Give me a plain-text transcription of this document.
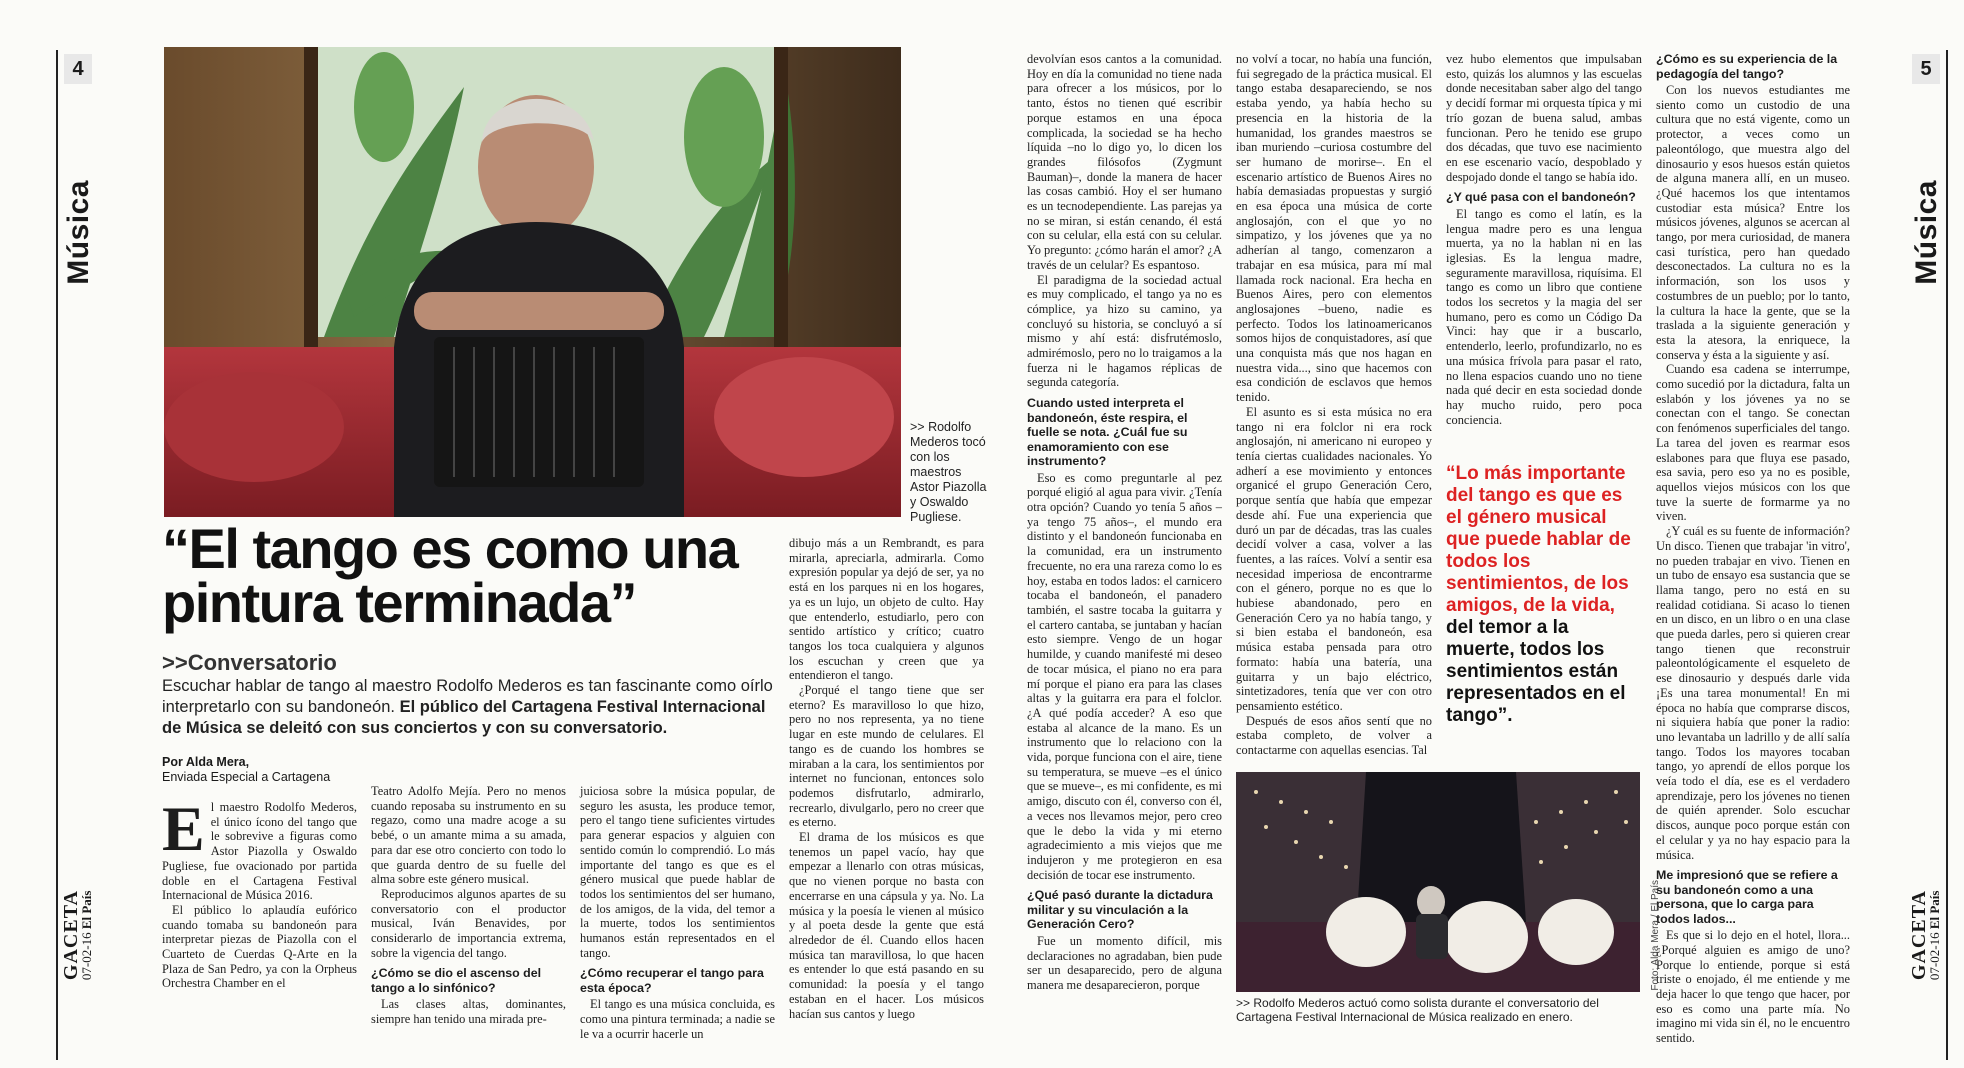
4
Música
GACETA
07-02-16 El País
5
Música
GACETA
07-02-16 El País
>> Rodolfo Mederos tocó con los maestros Astor Piazolla y Oswaldo Pugliese.
“El tango es como una pintura terminada”
>>Conversatorio
Escuchar hablar de tango al maestro Rodolfo Mederos es tan fascinante como oírlo interpretarlo con su bandoneón. El público del Cartagena Festival Internacional de Música se deleitó con sus conciertos y con su conversatorio.
Por Alda Mera,
Enviada Especial a Cartagena

El maestro Rodolfo Mederos, el único ícono del tango que le sobrevive a figuras como Astor Piazolla y Oswaldo Pugliese, fue ovacionado por partida doble en el Cartagena Festival Internacional de Música 2016.

El público lo aplaudía eufórico cuando tomaba su bandoneón para interpretar piezas de Piazolla con el Cuarteto de Cuerdas Q-Arte en la Plaza de San Pedro, ya con la Orpheus Orchestra Chamber en el

Teatro Adolfo Mejía. Pero no menos cuando reposaba su instrumento en su regazo, como una madre acoge a su bebé, o un amante mima a su amada, para dar ese otro concierto con todo lo que guarda dentro de su fuelle del alma sobre este género musical.

Reproducimos algunos apartes de su conversatorio con el productor musical, Iván Benavides, por considerarlo de importancia extrema, sobre la vigencia del tango.

¿Cómo se dio el ascenso del tango a lo sinfónico?

Las clases altas, dominantes, siempre han tenido una mirada pre-

juiciosa sobre la música popular, de seguro les asusta, les produce temor, pero el tango tiene suficientes virtudes para generar espacios y alguien con sentido común lo comprendió. Lo más importante del tango es que es el género musical que puede hablar de todos los sentimientos del ser humano, de los amigos, de la vida, del temor a la muerte, todos los sentimientos humanos están representados en el tango.

¿Cómo recuperar el tango para esta época?

El tango es una música concluida, es como una pintura terminada; a nadie se le va a ocurrir hacerle un

dibujo más a un Rembrandt, es para mirarla, apreciarla, admirarla. Como expresión popular ya dejó de ser, ya no está en los parques ni en los hogares, ya es un lujo, un objeto de culto. Hay que entenderlo, estudiarlo, pero con sentido artístico y crítico; cuatro tangos los toca cualquiera y algunos los escuchan y creen que ya entendieron el tango.

¿Porqué el tango tiene que ser eterno? Es maravilloso lo que hizo, pero no nos representa, ya no tiene lugar en este mundo de celulares. El tango es de cuando los hombres se miraban a la cara, los sentimientos por internet no funcionan, entonces solo podemos disfrutarlo, admirarlo, recrearlo, divulgarlo, pero no creer que es eterno.

El drama de los músicos es que tenemos un papel vacío, hay que empezar a llenarlo con otras músicas, que no vienen porque no basta con encerrarse en una cápsula y ya. No. La música y la poesía le vienen al músico y al poeta desde la gente que está alrededor de él. Cuando ellos hacen música tan maravillosa, lo que hacen es entender lo que está pasando en su comunidad: la poesía y el tango estaban en el hacer. Los músicos hacían sus cantos y luego

devolvían esos cantos a la comunidad. Hoy en día la comunidad no tiene nada para ofrecer a los músicos, por lo tanto, éstos no tienen qué escribir porque estamos en una época complicada, la sociedad se ha hecho líquida –no lo digo yo, lo dicen los grandes filósofos (Zygmunt Bauman)–, donde la manera de hacer las cosas cambió. Hoy el ser humano es un tecnodependiente. Las parejas ya no se miran, si están cenando, él está con su celular, ella está con su celular. Yo pregunto: ¿cómo harán el amor? ¿A través de un celular? Es espantoso.

El paradigma de la sociedad actual es muy complicado, el tango ya no es cómplice, ya hizo su camino, ya concluyó su historia, se concluyó a sí mismo y ahí está: disfrutémoslo, admirémoslo, pero no lo traigamos a la fuerza ni le hagamos réplicas de segunda categoría.

Cuando usted interpreta el bandoneón, éste respira, el fuelle se nota. ¿Cuál fue su enamoramiento con ese instrumento?

Eso es como preguntarle al pez porqué eligió al agua para vivir. ¿Tenía otra opción? Cuando yo tenía 5 años –ya tengo 75 años–, el mundo era distinto y el bandoneón funcionaba en la comunidad, era un instrumento frecuente, no era una rareza como lo es hoy, estaba en todos lados: el carnicero tocaba el bandoneón, el panadero también, el sastre tocaba la guitarra y el cartero cantaba, se juntaban y hacían esto siempre. Vengo de un hogar humilde, y cuando manifesté mi deseo de tocar música, el piano no era para mí porque el piano era para las clases altas y la guitarra era para el folclor. ¿A qué podía acceder? A eso que estaba al alcance de la mano. Es un instrumento que lo relaciono con la vida, porque funciona con el aire, tiene su temperatura, se mueve –es el único que se mueve–, es mi confidente, es mi amigo, discuto con él, converso con él, a veces nos llevamos mejor, pero creo que le debo la vida y mi eterno agradecimiento a mis viejos que me indujeron y me protegieron en esa decisión de tocar ese instrumento.

¿Qué pasó durante la dictadura militar y su vinculación a la Generación Cero?

Fue un momento difícil, mis declaraciones no agradaban, bien pude ser un desaparecido, pero de alguna manera me desaparecieron, porque

no volví a tocar, no había una función, fui segregado de la práctica musical. El tango estaba desapareciendo, se nos estaba yendo, ya había hecho su presencia en la historia de la humanidad, los grandes maestros se iban muriendo –curiosa costumbre del ser humano de morirse–. En el escenario artístico de Buenos Aires no había demasiadas propuestas y surgió en esa época una música de corte anglosajón, con el que yo no simpatizo, y los jóvenes que ya no adherían al tango, comenzaron a trabajar en esa música, para mí mal llamada rock nacional. Era hecha en Buenos Aires, pero con elementos anglosajones –bueno, nadie es perfecto. Todos los latinoamericanos somos hijos de conquistadores, así que una conquista más que nos hagan en nuestra vida..., sino que hacemos con esa condición de esclavos que hemos tenido.

El asunto es si esta música no era tango ni era folclor ni era rock anglosajón, ni americano ni europeo y tenía ciertas cualidades nacionales. Yo adherí a ese movimiento y entonces organicé el grupo Generación Cero, porque sentía que había que empezar desde ahí. Fue una experiencia que duró un par de décadas, tras las cuales decidí volver a casa, volver a las fuentes, a las raíces. Volví a sentir esa necesidad imperiosa de encontrarme con el género, porque no es que lo hubiese abandonado, pero en Generación Cero ya no había tango, y si bien estaba el bandoneón, esa música estaba pensada para otro formato: había una batería, una guitarra y un bajo eléctrico, sintetizadores, tenía que ver con otro pensamiento estético.

Después de esos años sentí que no estaba completo, de volver a contactarme con aquellas esencias. Tal

vez hubo elementos que impulsaban esto, quizás los alumnos y las escuelas donde necesitaban saber algo del tango y decidí formar mi orquesta típica y mi trío gozan de buena salud, ambas funcionan. Pero he tenido ese grupo dos décadas, que tuvo ese nacimiento en ese escenario vacío, despoblado y despojado donde el tango se había ido.

¿Y qué pasa con el bandoneón?

El tango es como el latín, es la lengua madre pero es una lengua muerta, ya no la hablan ni en las iglesias. Es la lengua madre, seguramente maravillosa, riquísima. El tango es como un libro que contiene todos los secretos y la magia del ser humano, pero es como un Código Da Vinci: hay que ir a buscarlo, entenderlo, leerlo, profundizarlo, no es una música frívola para pasar el rato, no llena espacios cuando uno no tiene nada qué decir en esta sociedad donde hay mucho ruido, pero poca conciencia.

“Lo más importante del tango es que es el género musical que puede hablar de todos los sentimientos, de los amigos, de la vida, del temor a la muerte, todos los sentimientos están representados en el tango”.
¿Cómo es su experiencia de la pedagogía del tango?

Con los nuevos estudiantes me siento como un custodio de una cultura que no está vigente, como un protector, a veces como un paleontólogo, que muestra algo del dinosaurio y esos huesos están quietos de alguna manera allí, en un museo. ¿Qué hacemos los que intentamos custodiar esta música? Entre los músicos jóvenes, algunos se acercan al tango, por mera curiosidad, de manera casi turística, pero han quedado desconectados. La cultura no es la información, son los usos y costumbres de un pueblo; por lo tanto, la cultura la hace la gente, que se la traslada a la siguiente generación y esta la atesora, la enriquece, la conserva y ésta a la siguiente y así.

Cuando esa cadena se interrumpe, como sucedió por la dictadura, falta un eslabón y los jóvenes ya no se conectan con el tango. Se conectan con fenómenos superficiales del tango. La tarea del joven es rearmar esos eslabones para que fluya ese pasado, esa savia, pero eso ya no es posible, aquellos viejos músicos con los que tuve la suerte de formarme ya no viven.

¿Y cuál es su fuente de información? Un disco. Tienen que trabajar 'in vitro', no pueden trabajar en vivo. Tienen en un tubo de ensayo esa sustancia que se llama tango, pero no está en su realidad cotidiana. Si acaso lo tienen en un disco, en un libro o en una clase que pueda darles, pero si quieren crear tango tienen que reconstruir paleontológicamente el esqueleto de ese dinosaurio y después darle vida ¡Es una tarea monumental! En mi época no había que comprarse discos, ni siquiera había que poner la radio: uno levantaba un ladrillo y de allí salía tango. Todos los mayores tocaban tango, yo aprendí de ellos porque los veía todo el día, ese es el verdadero aprendizaje, pero los jóvenes no tienen de quién aprender. Solo escuchar discos, aunque poco porque están con el celular y ya no hay espacio para la música.

Me impresionó que se refiere a su bandoneón como a una persona, que lo carga para todos lados...

Es que si lo dejo en el hotel, llora... ¿Porqué alguien es amigo de uno? Porque lo entiende, porque si está triste o enojado, él me entiende y me deja hacer lo que tengo que hacer, por eso es como una parte mía. No imagino mi vida sin él, no le encuentro sentido.

>> Rodolfo Mederos actuó como solista durante el conversatorio del Cartagena Festival Internacional de Música realizado en enero.
Foto: Alda Mera / El País
